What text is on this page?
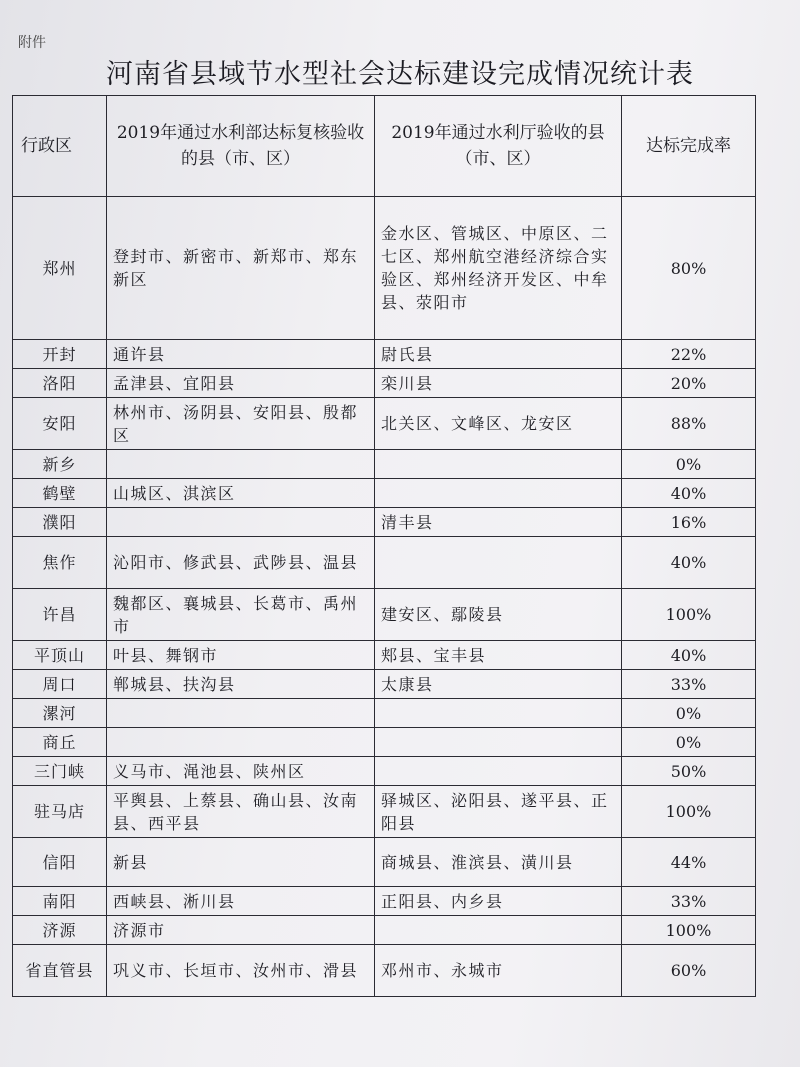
附件
河南省县域节水型社会达标建设完成情况统计表
行政区	2019年通过水利部达标复核验收的县（市、区）	2019年通过水利厅验收的县（市、区）	达标完成率
郑州	登封市、新密市、新郑市、郑东新区	金水区、管城区、中原区、二七区、郑州航空港经济综合实验区、郑州经济开发区、中牟县、荥阳市	80%
开封	通许县	尉氏县	22%
洛阳	孟津县、宜阳县	栾川县	20%
安阳	林州市、汤阴县、安阳县、殷都区	北关区、文峰区、龙安区	88%
新乡			0%
鹤壁	山城区、淇滨区		40%
濮阳		清丰县	16%
焦作	沁阳市、修武县、武陟县、温县		40%
许昌	魏都区、襄城县、长葛市、禹州市	建安区、鄢陵县	100%
平顶山	叶县、舞钢市	郏县、宝丰县	40%
周口	郸城县、扶沟县	太康县	33%
漯河			0%
商丘			0%
三门峡	义马市、渑池县、陕州区		50%
驻马店	平舆县、上蔡县、确山县、汝南县、西平县	驿城区、泌阳县、遂平县、正阳县	100%
信阳	新县	商城县、淮滨县、潢川县	44%
南阳	西峡县、淅川县	正阳县、内乡县	33%
济源	济源市		100%
省直管县	巩义市、长垣市、汝州市、滑县	邓州市、永城市	60%
